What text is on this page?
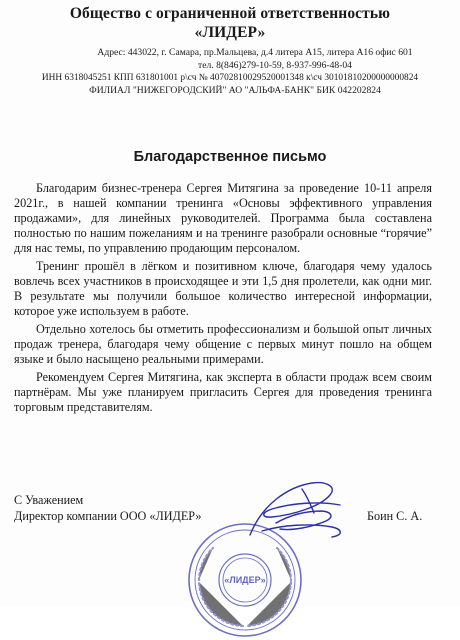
Общество с ограниченной ответственностью
«ЛИДЕР»
Адрес: 443022, г. Самара, пр.Мальцева, д.4 литера А15, литера А16 офис 601
тел. 8(846)279-10-59, 8-937-996-48-04
ИНН 6318045251 КПП 631801001 р\сч № 40702810029520001348 к\сч 30101810200000000824
ФИЛИАЛ "НИЖЕГОРОДСКИЙ" АО "АЛЬФА-БАНК" БИК 042202824
Благодарственное письмо

Благодарим бизнес-тренера Сергея Митягина за проведение 10-11 апреля 2021г., в нашей компании тренинга «Основы эффективного управления продажами», для линейных руководителей. Программа была составлена полностью по нашим пожеланиям и на тренинге разобрали основные “горячие” для нас темы, по управлению продающим персоналом.

Тренинг прошёл в лёгком и позитивном ключе, благодаря чему удалось вовлечь всех участников в происходящее и эти 1,5 дня пролетели, как одни миг. В результате мы получили большое количество интересной информации, которое уже используем в работе.

Отдельно хотелось бы отметить профессионализм и большой опыт личных продаж тренера, благодаря чему общение с первых минут пошло на общем языке и было насыщено реальными примерами.

Рекомендуем Сергея Митягина, как эксперта в области продаж всем своим партнёрам. Мы уже планируем пригласить Сергея для проведения тренинга торговым представителям.

«ЛИДЕР»
С Уважением
Директор компании ООО «ЛИДЕР»	Боин С. А.
